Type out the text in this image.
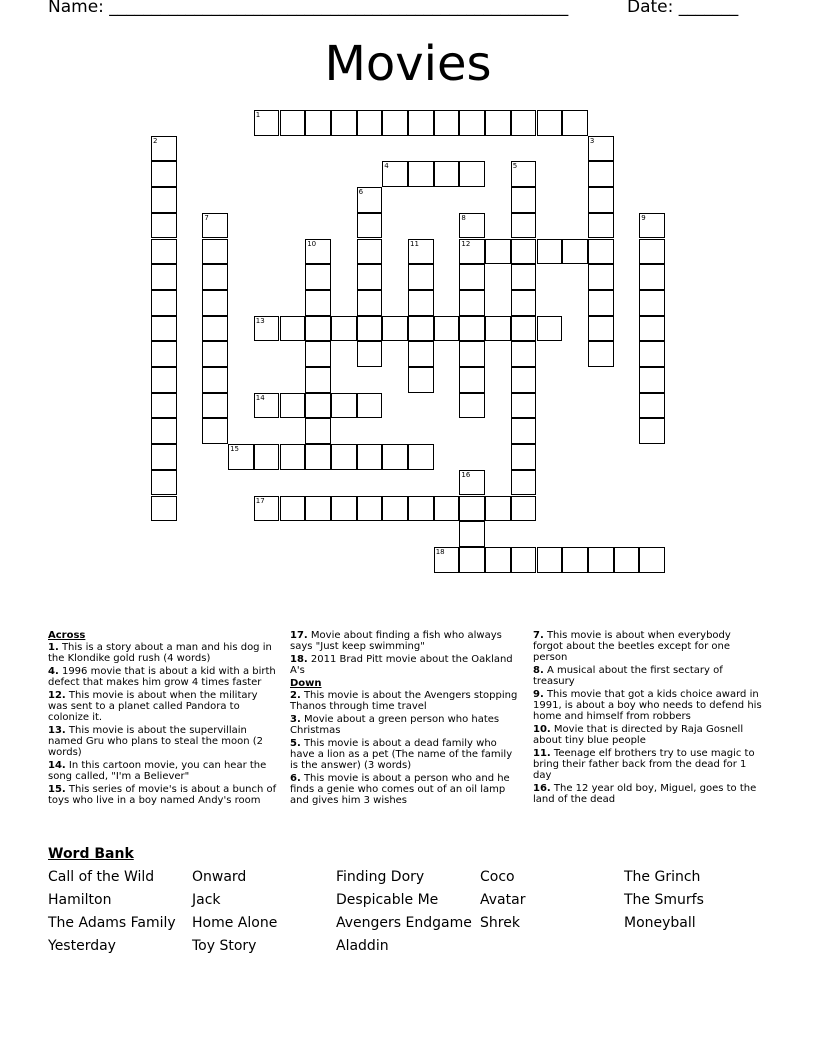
Name: ______________________________________________________	Date: _______
Movies
1
2	3
4	5
6
7	8	9
10	11	12
13
14
15
16
17
18
Across
1. This is a story about a man and his dog in the Klondike gold rush (4 words)
4. 1996 movie that is about a kid with a birth defect that makes him grow 4 times faster
12. This movie is about when the military was sent to a planet called Pandora to colonize it.
13. This movie is about the supervillain named Gru who plans to steal the moon (2 words)
14. In this cartoon movie, you can hear the song called, "I'm a Believer"
15. This series of movie's is about a bunch of toys who live in a boy named Andy's room
17. Movie about finding a fish who always says "Just keep swimming"
18. 2011 Brad Pitt movie about the Oakland A's
Down
2. This movie is about the Avengers stopping Thanos through time travel
3. Movie about a green person who hates Christmas
5. This movie is about a dead family who have a lion as a pet (The name of the family is the answer) (3 words)
6. This movie is about a person who and he finds a genie who comes out of an oil lamp and gives him 3 wishes
7. This movie is about when everybody forgot about the beetles except for one person
8. A musical about the first sectary of treasury
9. This movie that got a kids choice award in 1991, is about a boy who needs to defend his home and himself from robbers
10. Movie that is directed by Raja Gosnell about tiny blue people
11. Teenage elf brothers try to use magic to bring their father back from the dead for 1 day
16. The 12 year old boy, Miguel, goes to the land of the dead
Word Bank
Call of the Wild
Hamilton
The Adams Family
Yesterday
Onward
Jack
Home Alone
Toy Story
Finding Dory
Despicable Me
Avengers Endgame
Aladdin
Coco
Avatar
Shrek
The Grinch
The Smurfs
Moneyball
